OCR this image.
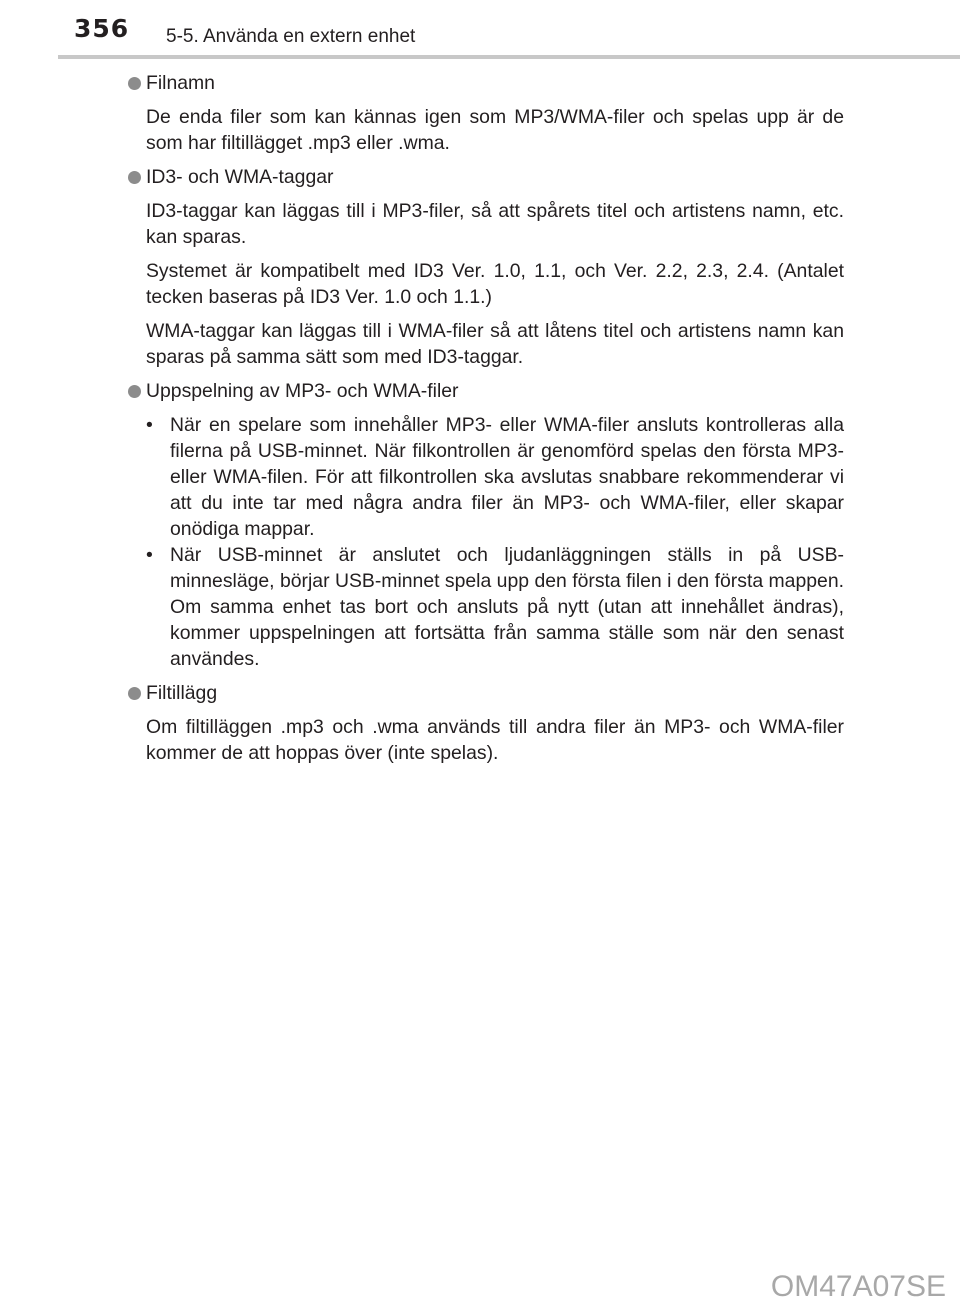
356 5-5. Använda en extern enhet
Filnamn

De enda filer som kan kännas igen som MP3/WMA-filer och spelas upp är de som har filtillägget .mp3 eller .wma.

ID3- och WMA-taggar

ID3-taggar kan läggas till i MP3-filer, så att spårets titel och artistens namn, etc. kan sparas.

Systemet är kompatibelt med ID3 Ver. 1.0, 1.1, och Ver. 2.2, 2.3, 2.4. (Antalet tecken baseras på ID3 Ver. 1.0 och 1.1.)

WMA-taggar kan läggas till i WMA-filer så att låtens titel och artistens namn kan sparas på samma sätt som med ID3-taggar.

Uppspelning av MP3- och WMA-filer
• När en spelare som innehåller MP3- eller WMA-filer ansluts kontrolleras alla filerna på USB-minnet. När filkontrollen är genomförd spelas den första MP3- eller WMA-filen. För att filkontrollen ska avslutas snabbare rekommenderar vi att du inte tar med några andra filer än MP3- och WMA-filer, eller skapar onödiga mappar.
• När USB-minnet är anslutet och ljudanläggningen ställs in på USB-minnesläge, börjar USB-minnet spela upp den första filen i den första mappen. Om samma enhet tas bort och ansluts på nytt (utan att innehållet ändras), kommer uppspelningen att fortsätta från samma ställe som när den senast användes.
Filtillägg

Om filtilläggen .mp3 och .wma används till andra filer än MP3- och WMA-filer kommer de att hoppas över (inte spelas).

OM47A07SE
